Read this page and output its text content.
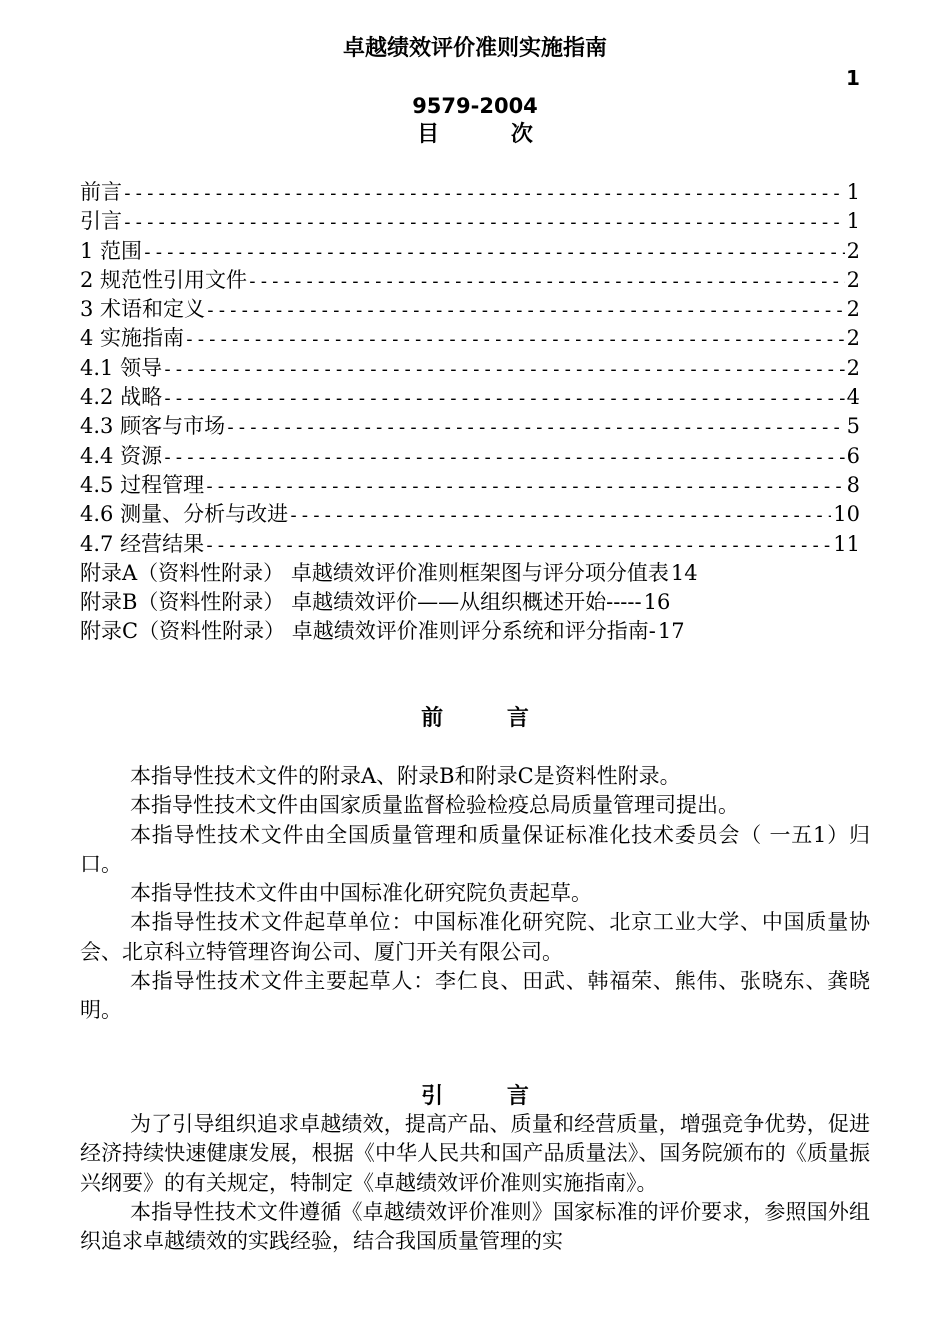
卓越绩效评价准则实施指南
1
9579-2004
目 次
前言 -----	1
引言 -----	1
1 范围 -----	2
2 规范性引用文件 -----	2
3 术语和定义 -----	2
4 实施指南 -----	2
4.1 领导 -----	2
4.2 战略 -----	4
4.3 顾客与市场 -----	5
4.4 资源 -----	6
4.5 过程管理 -----	8
4.6 测量、分析与改进 -----	10
4.7 经营结果 -----	11
附录A（资料性附录） 卓越绩效评价准则框架图与评分项分值表 14
附录B（资料性附录） 卓越绩效评价——从组织概述开始----- 16
附录C（资料性附录） 卓越绩效评价准则评分系统和评分指南- 17
前 言

本指导性技术文件的附录A、附录B和附录C是资料性附录。

本指导性技术文件由国家质量监督检验检疫总局质量管理司提出。

本指导性技术文件由全国质量管理和质量保证标准化技术委员会（ 一五1）归口。

本指导性技术文件由中国标准化研究院负责起草。

本指导性技术文件起草单位：中国标准化研究院、北京工业大学、中国质量协会、北京科立特管理咨询公司、厦门开关有限公司。

本指导性技术文件主要起草人：李仁良、田武、韩福荣、熊伟、张晓东、龚晓明。

引 言

为了引导组织追求卓越绩效，提高产品、质量和经营质量，增强竞争优势，促进经济持续快速健康发展，根据《中华人民共和国产品质量法》、国务院颁布的《质量振兴纲要》的有关规定，特制定《卓越绩效评价准则实施指南》。

本指导性技术文件遵循《卓越绩效评价准则》国家标准的评价要求，参照国外组织追求卓越绩效的实践经验，结合我国质量管理的实
